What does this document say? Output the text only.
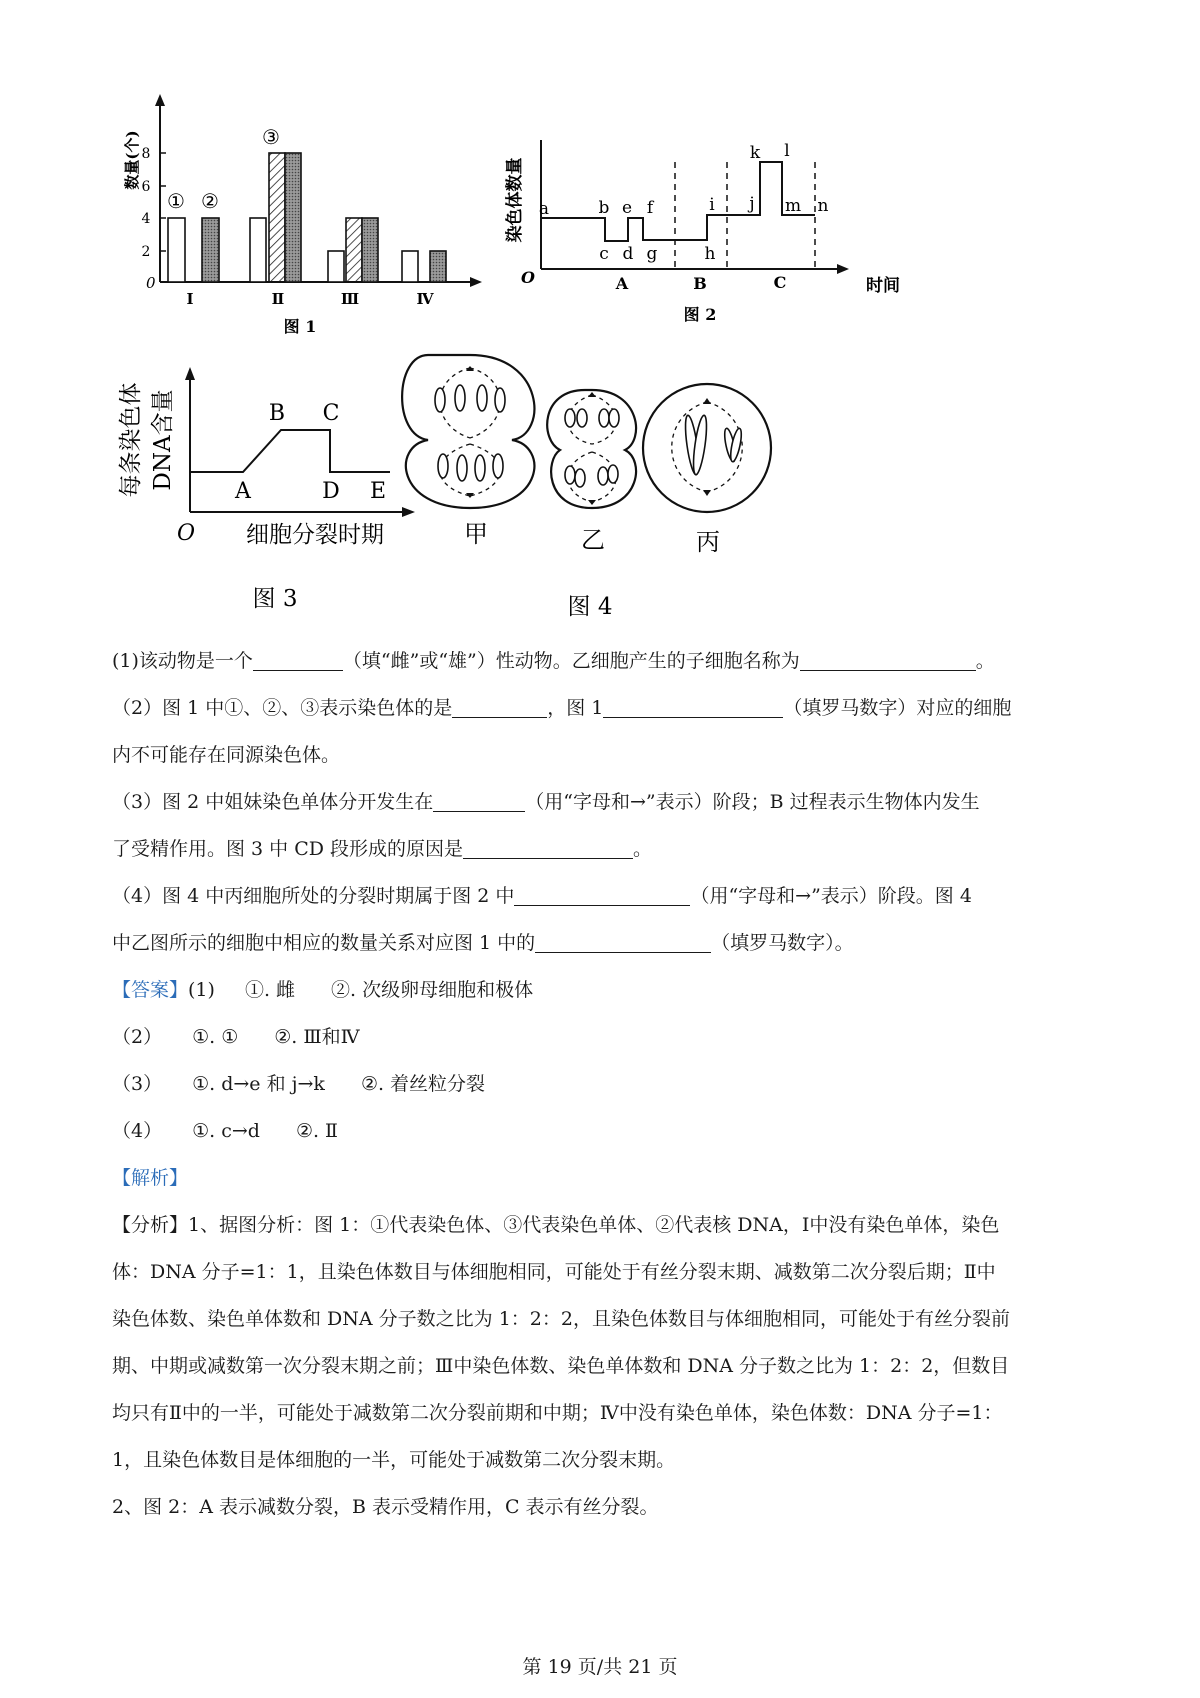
数量(个)
0
2
4
6
8
① ②
③
Ⅰ	Ⅱ	Ⅲ	Ⅳ
图 1
染色体数量
O
a	b e f	i j
k l
m n
c d g	h
A	B	C	时间
图 2
每条染色体 DNA含量
O
A
B C
D E
细胞分裂时期
图 3
甲	乙	丙
图 4
(1)该动物是一个	（填“雌”或“雄”）性动物。乙细胞产生的子细胞名称为	。
（2）图 1 中①、②、③表示染色体的是	，图 1	（填罗马数字）对应的细胞
内不可能存在同源染色体。
（3）图 2 中姐妹染色单体分开发生在	（用“字母和→”表示）阶段；B 过程表示生物体内发生
了受精作用。图 3 中 CD 段形成的原因是	。
（4）图 4 中丙细胞所处的分裂时期属于图 2 中	（用“字母和→”表示）阶段。图 4
中乙图所示的细胞中相应的数量关系对应图 1 中的	（填罗马数字）。
【答案】(1) ①. 雌 ②. 次级卵母细胞和极体
（2） ①. ① ②. Ⅲ和Ⅳ
（3） ①. d→e 和 j→k ②. 着丝粒分裂
（4） ①. c→d ②. Ⅱ
【解析】
【分析】1、据图分析：图 1：①代表染色体、③代表染色单体、②代表核 DNA，Ⅰ中没有染色单体，染色
体：DNA 分子=1：1，且染色体数目与体细胞相同，可能处于有丝分裂末期、减数第二次分裂后期；Ⅱ中
染色体数、染色单体数和 DNA 分子数之比为 1：2：2，且染色体数目与体细胞相同，可能处于有丝分裂前
期、中期或减数第一次分裂末期之前；Ⅲ中染色体数、染色单体数和 DNA 分子数之比为 1：2：2，但数目
均只有Ⅱ中的一半，可能处于减数第二次分裂前期和中期；Ⅳ中没有染色单体，染色体数：DNA 分子=1：
1，且染色体数目是体细胞的一半，可能处于减数第二次分裂末期。
2、图 2：A 表示减数分裂，B 表示受精作用，C 表示有丝分裂。
第 19 页/共 21 页
